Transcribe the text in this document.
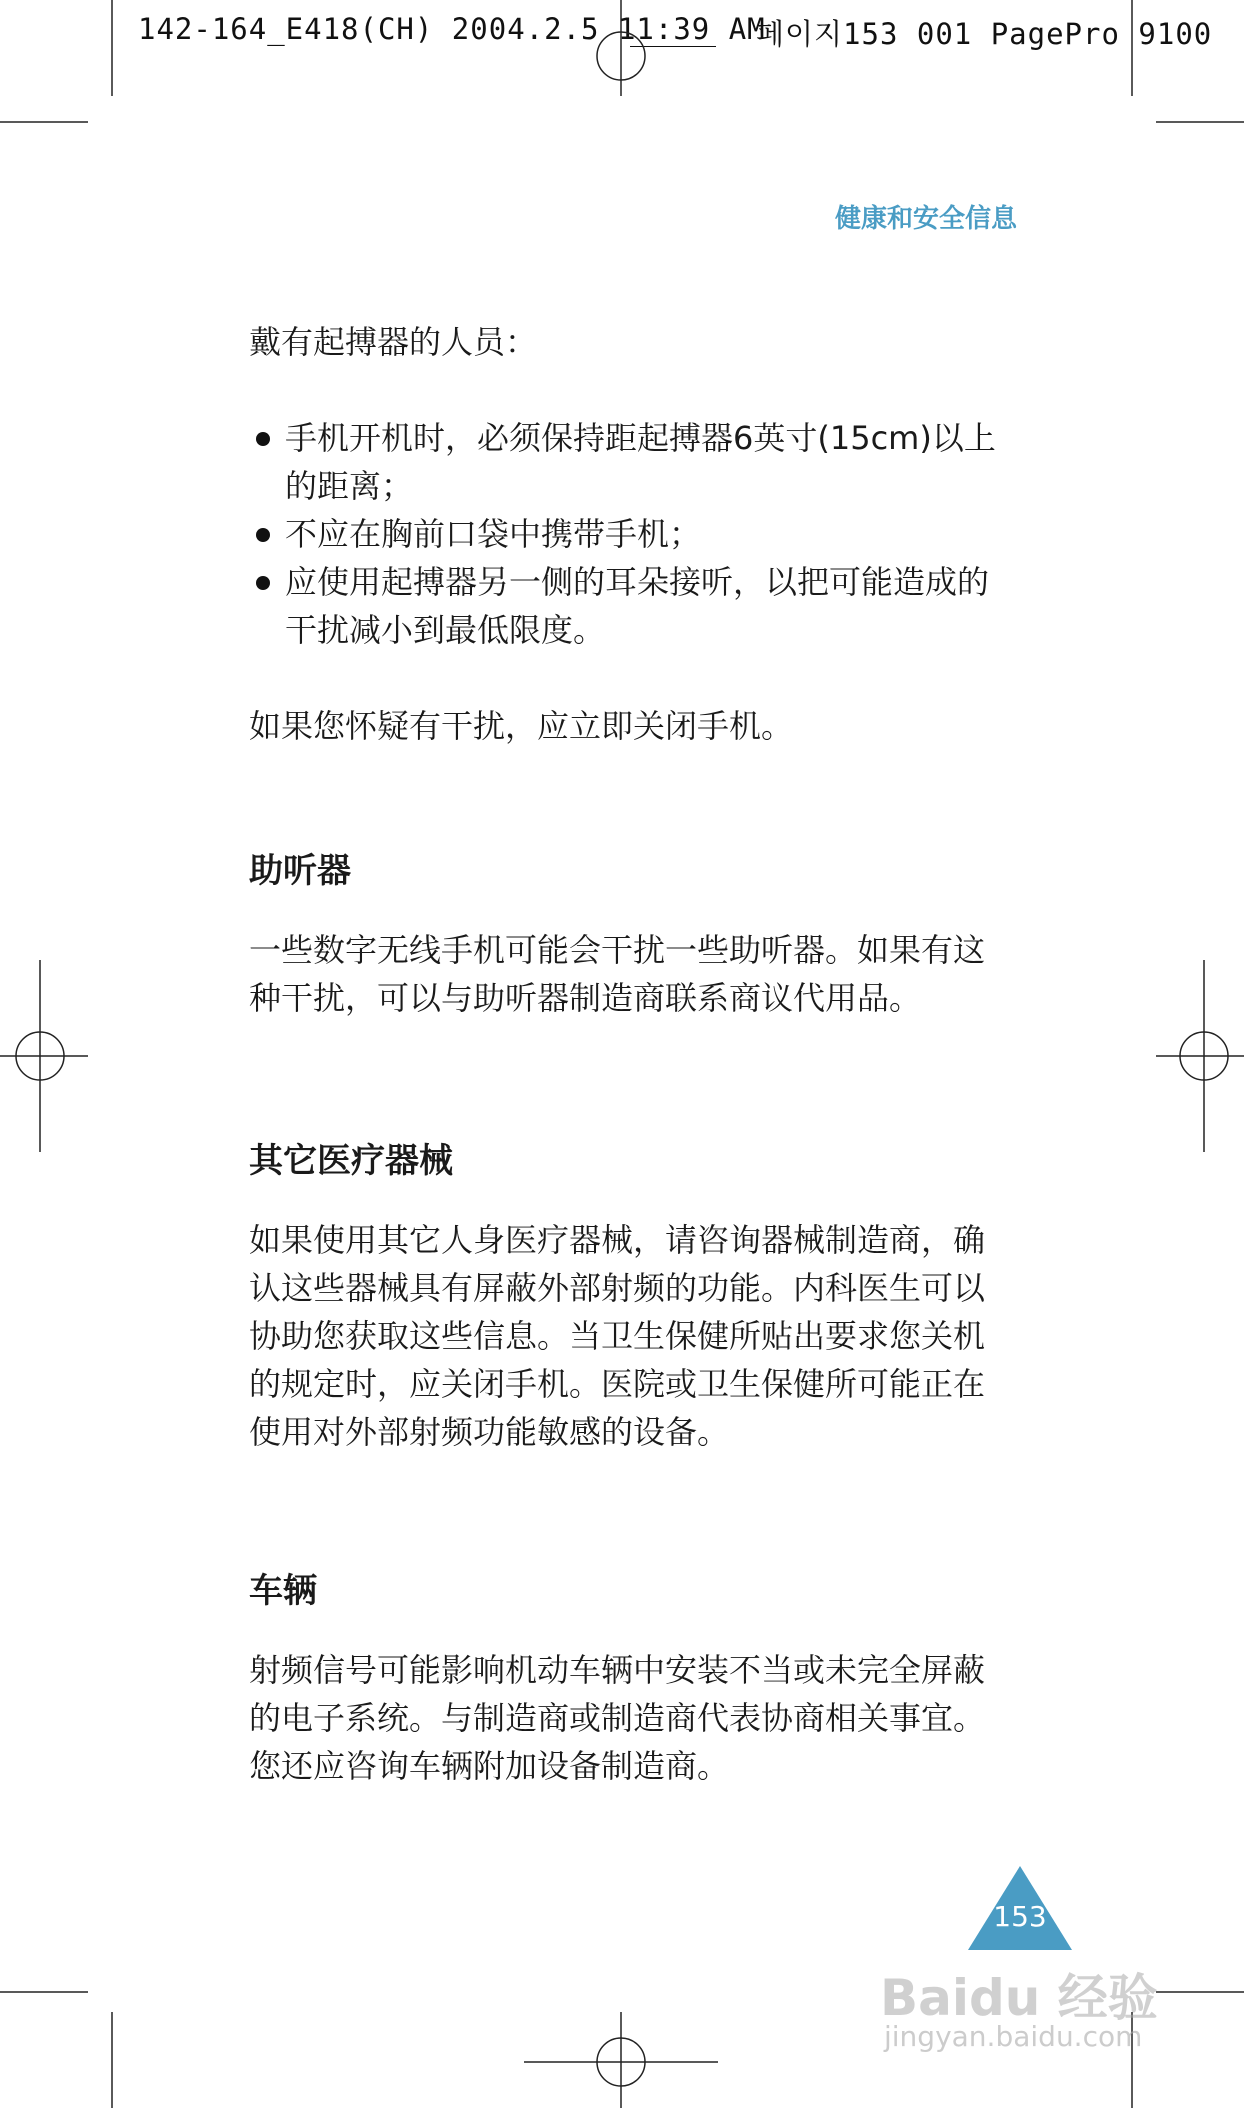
142-164_E418(CH) 2004.2.5 11:39 AM
페이지153 001 PagePro 9100
健康和安全信息

戴有起搏器的人员：

手机开机时，必须保持距起搏器6英寸(15cm)以上的距离；
不应在胸前口袋中携带手机；
应使用起搏器另一侧的耳朵接听，以把可能造成的干扰减小到最低限度。

如果您怀疑有干扰，应立即关闭手机。

助听器

一些数字无线手机可能会干扰一些助听器。如果有这种干扰，可以与助听器制造商联系商议代用品。

其它医疗器械

如果使用其它人身医疗器械，请咨询器械制造商，确认这些器械具有屏蔽外部射频的功能。内科医生可以协助您获取这些信息。当卫生保健所贴出要求您关机的规定时，应关闭手机。医院或卫生保健所可能正在使用对外部射频功能敏感的设备。

车辆

射频信号可能影响机动车辆中安装不当或未完全屏蔽的电子系统。与制造商或制造商代表协商相关事宜。您还应咨询车辆附加设备制造商。

153
Baidu 经验
jingyan.baidu.com
